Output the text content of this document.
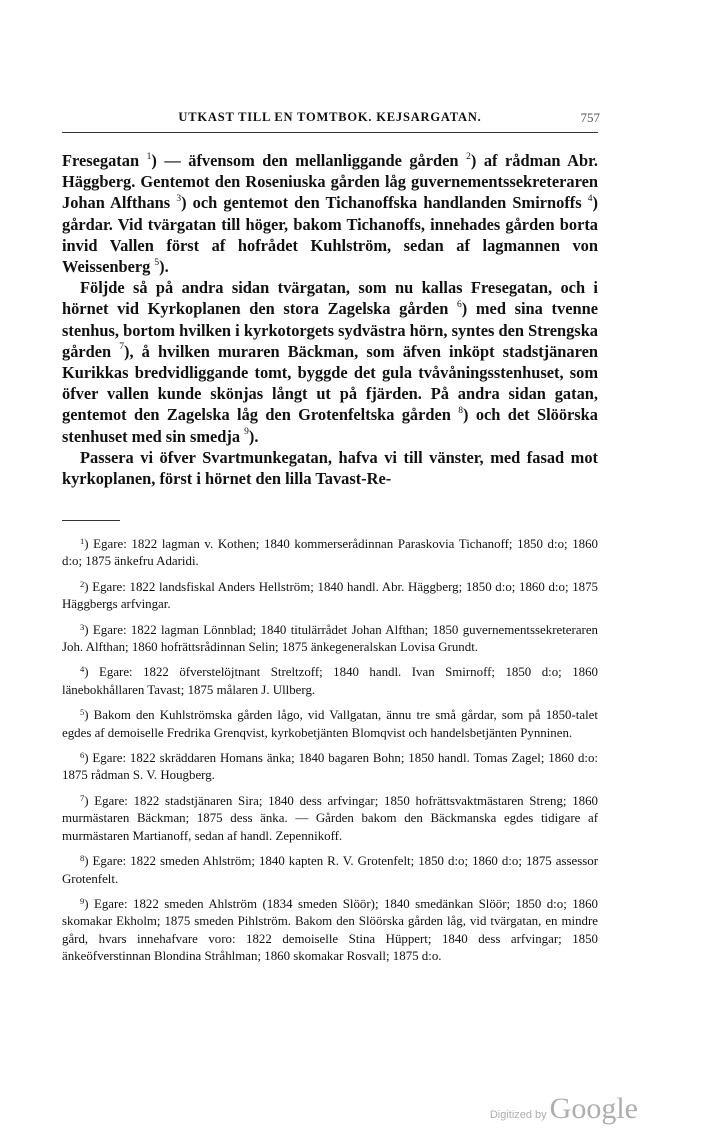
UTKAST TILL EN TOMTBOK. KEJSARGATAN.	757

Fresegatan $^1$) — äfvensom den mellanliggande gården $^2$) af rådman Abr. Häggberg. Gentemot den Roseniuska gården låg guvernementssekreteraren Johan Alfthans $^3$) och gentemot den Tichanoffska handlanden Smirnoffs $^4$) gårdar. Vid tvärgatan till höger, bakom Tichanoffs, innehades gården borta invid Vallen först af hofrådet Kuhlström, sedan af lagmannen von Weissenberg $^5$).

Följde så på andra sidan tvärgatan, som nu kallas Fresegatan, och i hörnet vid Kyrkoplanen den stora Zagelska gården $^6$) med sina tvenne stenhus, bortom hvilken i kyrkotorgets sydvästra hörn, syntes den Strengska gården $^7$), å hvilken muraren Bäckman, som äfven inköpt stadstjänaren Kurikkas bredvidliggande tomt, byggde det gula tvåvåningsstenhuset, som öfver vallen kunde skönjas långt ut på fjärden. På andra sidan gatan, gentemot den Zagelska låg den Grotenfeltska gården $^8$) och det Slöörska stenhuset med sin smedja $^9$).

Passera vi öfver Svartmunkegatan, hafva vi till vänster, med fasad mot kyrkoplanen, först i hörnet den lilla Tavast-Re-

$^1$) Egare: 1822 lagman v. Kothen; 1840 kommerserådinnan Paraskovia Tichanoff; 1850 d:o; 1860 d:o; 1875 änkefru Adaridi.

$^2$) Egare: 1822 landsfiskal Anders Hellström; 1840 handl. Abr. Häggberg; 1850 d:o; 1860 d:o; 1875 Häggbergs arfvingar.

$^3$) Egare: 1822 lagman Lönnblad; 1840 titulärrådet Johan Alfthan; 1850 guvernementssekreteraren Joh. Alfthan; 1860 hofrättsrådinnan Selin; 1875 änkegeneralskan Lovisa Grundt.

$^4$) Egare: 1822 öfverstelöjtnant Streltzoff; 1840 handl. Ivan Smirnoff; 1850 d:o; 1860 länebokhållaren Tavast; 1875 målaren J. Ullberg.

$^5$) Bakom den Kuhlströmska gården lågo, vid Vallgatan, ännu tre små gårdar, som på 1850-talet egdes af demoiselle Fredrika Grenqvist, kyrkobetjänten Blomqvist och handelsbetjänten Pynninen.

$^6$) Egare: 1822 skräddaren Homans änka; 1840 bagaren Bohn; 1850 handl. Tomas Zagel; 1860 d:o: 1875 rådman S. V. Hougberg.

$^7$) Egare: 1822 stadstjänaren Sira; 1840 dess arfvingar; 1850 hofrättsvaktmästaren Streng; 1860 murmästaren Bäckman; 1875 dess änka. — Gården bakom den Bäckmanska egdes tidigare af murmästaren Martianoff, sedan af handl. Zepennikoff.

$^8$) Egare: 1822 smeden Ahlström; 1840 kapten R. V. Grotenfelt; 1850 d:o; 1860 d:o; 1875 assessor Grotenfelt.

$^9$) Egare: 1822 smeden Ahlström (1834 smeden Slöör); 1840 smedänkan Slöör; 1850 d:o; 1860 skomakar Ekholm; 1875 smeden Pihlström. Bakom den Slöörska gården låg, vid tvärgatan, en mindre gård, hvars innehafvare voro: 1822 demoiselle Stina Hüppert; 1840 dess arfvingar; 1850 änkeöfverstinnan Blondina Stråhlman; 1860 skomakar Rosvall; 1875 d:o.

Digitized by Google
